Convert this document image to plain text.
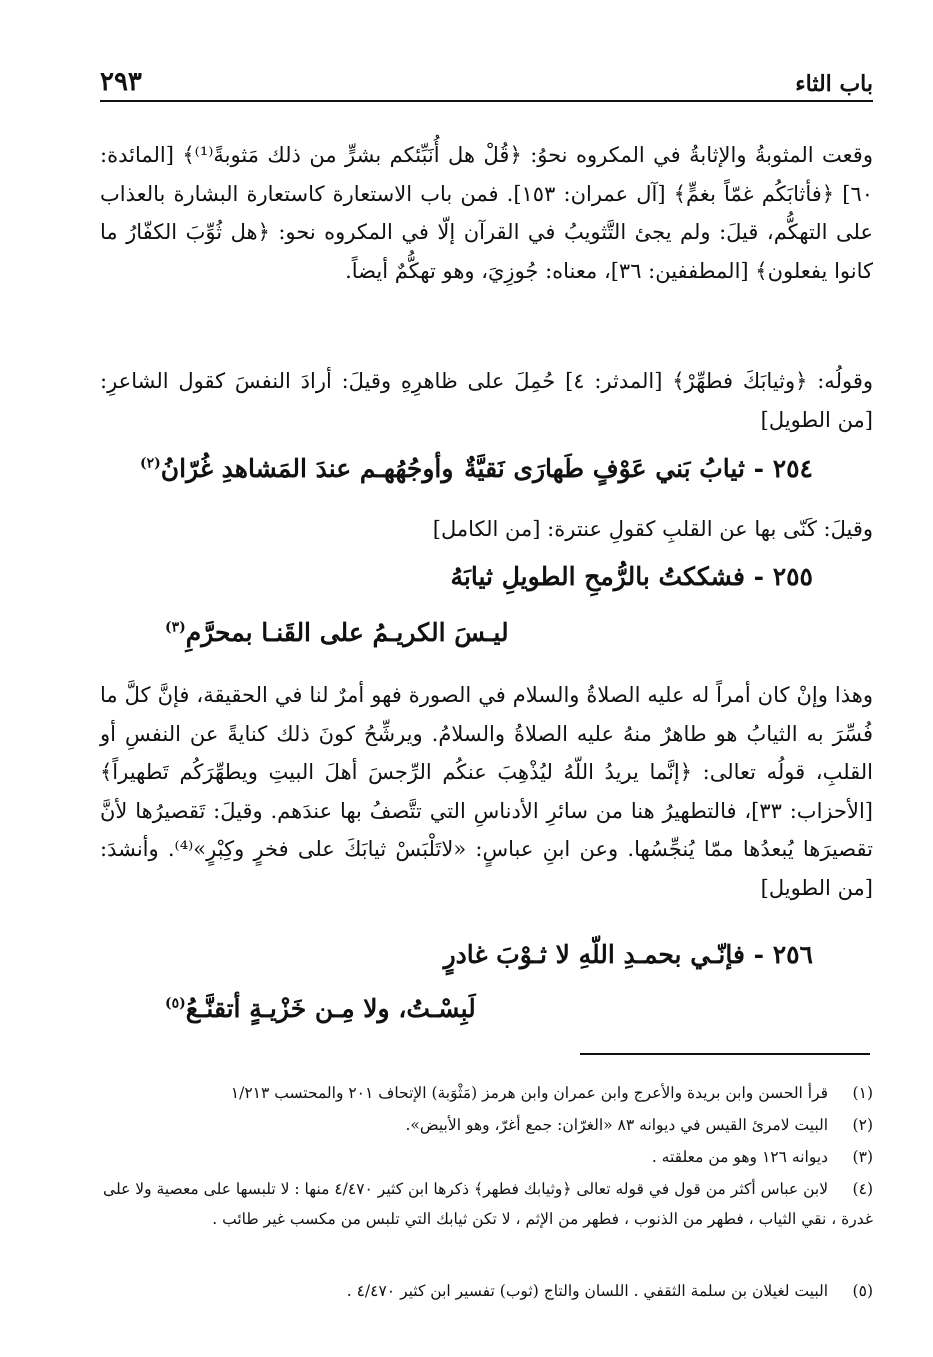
٢٩٣	باب الثاء
وقعت المثوبةُ والإثابةُ في المكروه نحوُ: ﴿قُلْ هل أُنَبِّئكم بشرٍّ من ذلك مَثوبةً⁽¹⁾﴾ [المائدة: ٦٠] ﴿فأثابَكُم غمّاً بغمٍّ﴾ [آل عمران: ١٥٣]. فمن باب الاستعارة كاستعارة البشارة بالعذاب على التهكُّم، قيلَ: ولم يجئ التَّثويبُ في القرآن إلّا في المكروه نحو: ﴿هل ثُوِّبَ الكفّارُ ما كانوا يفعلون﴾ [المطففين: ٣٦]، معناه: جُوزِيَ، وهو تهكُّمٌ أيضاً.
وقولُه: ﴿وثيابَكَ فطهِّرْ﴾ [المدثر: ٤] حُمِلَ على ظاهرِهِ وقيلَ: أرادَ النفسَ كقول الشاعرِ: [من الطويل]
٢٥٤ - ثيابُ بَني عَوْفٍ طَهارَى نَقيَّةٌ
وأوجُهُهـم عندَ المَشاهدِ غُرّانُ$^{(٢)}$
وقيلَ: كَنّى بها عن القلبِ كقولِ عنترة: [من الكامل]
٢٥٥ - فشككتُ بالرُّمحِ الطويلِ ثيابَهُ
ليـسَ الكريـمُ على القَنـا بمحرَّمِ$^{(٣)}$
وهذا وإنْ كان أمراً له عليه الصلاةُ والسلام في الصورة فهو أمرٌ لنا في الحقيقة، فإنَّ كلَّ ما فُسِّرَ به الثيابُ هو طاهرٌ منهُ عليه الصلاةُ والسلامُ. ويرشِّحُ كونَ ذلك كنايةً عن النفسِ أو القلبِ، قولُه تعالى: ﴿إنَّما يريدُ اللّهُ ليُذْهِبَ عنكُم الرِّجسَ أهلَ البيتِ ويطهِّرَكُم تَطهيراً﴾ [الأحزاب: ٣٣]، فالتطهيرُ هنا من سائرِ الأدناسِ التي تتَّصفُ بها عندَهم. وقيلَ: تَقصيرُها لأنَّ تقصيرَها يُبعدُها ممّا يُنجِّسُها. وعن ابنِ عباسٍ: «لاتَلْبَسْ ثيابَكَ على فخرٍ وكِبْرٍ»⁽⁴⁾. وأنشدَ: [من الطويل]
٢٥٦ - فإنّـي بحمـدِ اللّهِ لا ثـوْبَ غادرٍ
لَبِسْـتُ، ولا مِـن خَزْيـةٍ أتقنَّـعُ$^{(٥)}$
(١) قرأ الحسن وابن بريدة والأعرج وابن عمران وابن هرمز (مَثْوَبة) الإتحاف ٢٠١ والمحتسب ١/٢١٣
(٢) البيت لامرئ القيس في ديوانه ٨٣ «الغرّان: جمع أغرّ، وهو الأبيض».
(٣) ديوانه ١٢٦ وهو من معلقته .
(٤) لابن عباس أكثر من قول في قوله تعالى ﴿وثيابك فطهر﴾ ذكرها ابن كثير ٤/٤٧٠ منها : لا تلبسها على معصية ولا على غدرة ، نقي الثياب ، فطهر من الذنوب ، فطهر من الإثم ، لا تكن ثيابك التي تلبس من مكسب غير طائب .
(٥) البيت لغيلان بن سلمة الثقفي . اللسان والتاج (ثوب) تفسير ابن كثير ٤/٤٧٠ .
